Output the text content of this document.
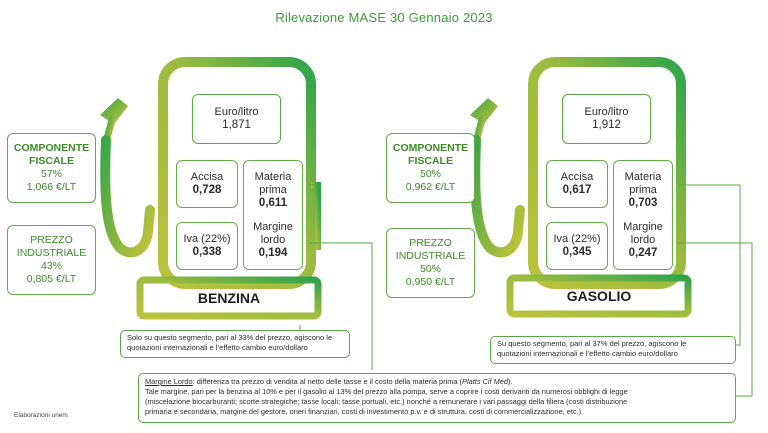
Rilevazione MASE 30 Gennaio 2023
Euro/litro
1,871
Accisa
0,728
Iva (22%)
0,338
Materia
prima
0,611
Margine
lordo
0,194
BENZINA
COMPONENTE
FISCALE
57%
1,066 €/LT
PREZZO
INDUSTRIALE
43%
0,805 €/LT
Solo su questo segmento, pari al 33% del prezzo, agiscono le
quotazioni internazionali e l’effetto cambio euro/dollaro
Euro/litro
1,912
Accisa
0,617
Iva (22%)
0,345
Materia
prima
0,703
Margine
lordo
0,247
GASOLIO
COMPONENTE
FISCALE
50%
0,962 €/LT
PREZZO
INDUSTRIALE
50%
0,950 €/LT
Su questo segmento, pari al 37% del prezzo, agiscono le
quotazioni internazionali e l’effetto cambio euro/dollaro
Margine Lordo: differenza tra prezzo di vendita al netto delle tasse e il costo della materia prima (Platts Cif Med).
Tale margine, pari per la benzina al 10% e per il gasolio al 13% del prezzo alla pompa, serve a coprire i costi derivanti da numerosi obblighi di legge
(miscelazione biocarburanti; scorte strategiche; tasse locali; tasse portuali, etc.) nonché a remunerare i vari passaggi della filiera (costi distribuzione
primaria e secondaria, margine del gestore, oneri finanziari, costi di investimento p.v. e di struttura, costi di commercializzazione, etc.)
Elaborazioni unem
